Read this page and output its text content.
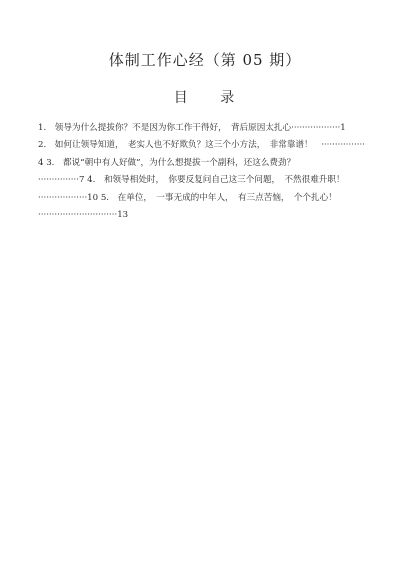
体制工作心经（第 05 期）
目 录
1.　领导为什么提拔你？不是因为你工作干得好，　背后原因太扎心··················1
2.　如何让领导知道，　老实人也不好欺负？这三个小方法，　非常靠谱！　················
4 3.　都说“朝中有人好做”，为什么想提拔一个副科，还这么费劲？
···············7 4.　和领导相处时，　你要反复问自己这三个问题，　不然很难升职！
··················10 5.　在单位，　一事无成的中年人，　有三点苦恼，　个个扎心！
·····························13
